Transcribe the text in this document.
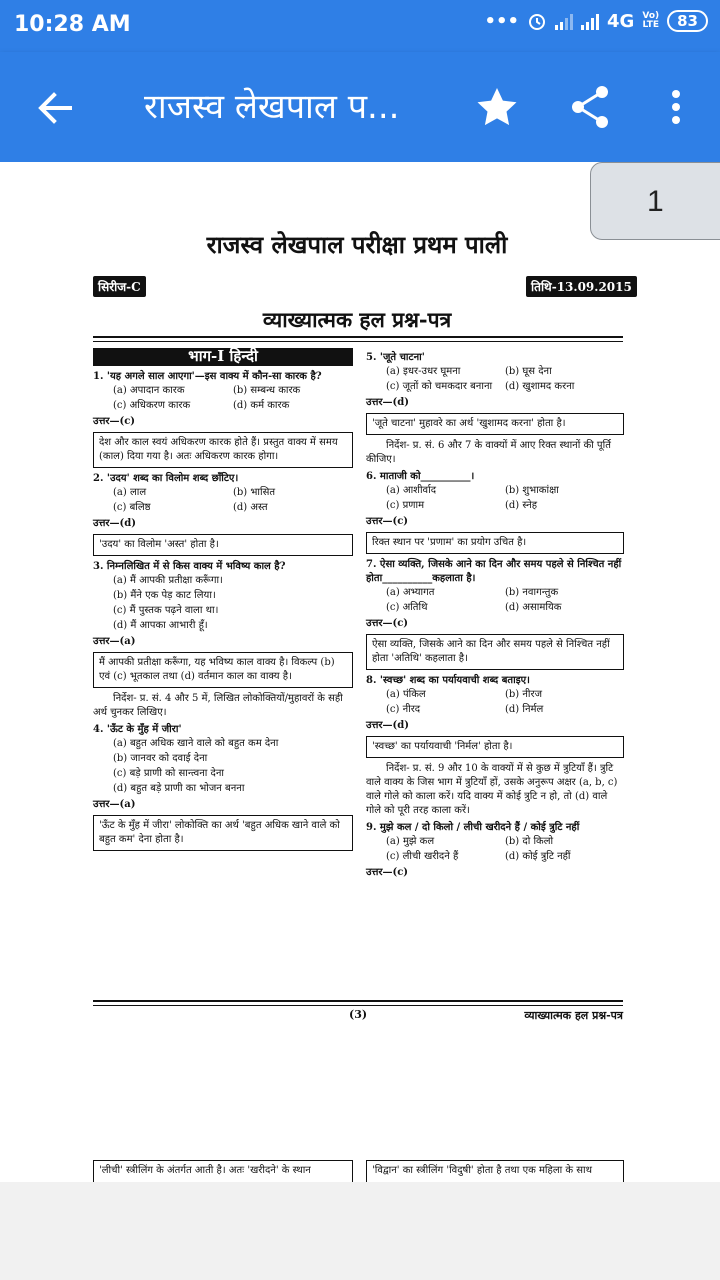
10:28 AM	•••	4G Vo)
LTE	83
राजस्व लेखपाल प...
राजस्व लेखपाल परीक्षा प्रथम पाली
सिरीज-C	तिथि-13.09.2015
व्याख्यात्मक हल प्रश्न-पत्र
भाग-I हिन्दी
1. 'यह अगले साल आएगा'—इस वाक्य में कौन-सा कारक है?
(a) अपादान कारक	(b) सम्बन्ध कारक
(c) अधिकरण कारक	(d) कर्म कारक
उत्तर—(c)
देश और काल स्वयं अधिकरण कारक होते हैं। प्रस्तुत वाक्य में समय (काल) दिया गया है। अतः अधिकरण कारक होगा।
2. 'उदय' शब्द का विलोम शब्द छाँटिए।
(a) लाल	(b) भासित
(c) बलिष्ठ	(d) अस्त
उत्तर—(d)
'उदय' का विलोम 'अस्त' होता है।
3. निम्नलिखित में से किस वाक्य में भविष्य काल है?
(a) मैं आपकी प्रतीक्षा करूँगा।
(b) मैंने एक पेड़ काट लिया।
(c) मैं पुस्तक पढ़ने वाला था।
(d) मैं आपका आभारी हूँ।
उत्तर—(a)
मैं आपकी प्रतीक्षा करूँगा, यह भविष्य काल वाक्य है। विकल्प (b) एवं (c) भूतकाल तथा (d) वर्तमान काल का वाक्य है।
निर्देश- प्र. सं. 4 और 5 में, लिखित लोकोक्तियों/मुहावरों के सही अर्थ चुनकर लिखिए।
4. 'ऊँट के मुँह में जीरा'
(a) बहुत अधिक खाने वाले को बहुत कम देना
(b) जानवर को दवाई देना
(c) बड़े प्राणी को सान्त्वना देना
(d) बहुत बड़े प्राणी का भोजन बनना
उत्तर—(a)
'ऊँट के मुँह में जीरा' लोकोक्ति का अर्थ 'बहुत अधिक खाने वाले को बहुत कम' देना होता है।
5. 'जूते चाटना'
(a) इधर-उधर घूमना	(b) घूस देना
(c) जूतों को चमकदार बनाना	(d) खुशामद करना
उत्तर—(d)
'जूते चाटना' मुहावरे का अर्थ 'खुशामद करना' होता है।
निर्देश- प्र. सं. 6 और 7 के वाक्यों में आए रिक्त स्थानों की पूर्ति कीजिए।
6. माताजी को__________।
(a) आशीर्वाद	(b) शुभाकांक्षा
(c) प्रणाम	(d) स्नेह
उत्तर—(c)
रिक्त स्थान पर 'प्रणाम' का प्रयोग उचित है।
7. ऐसा व्यक्ति, जिसके आने का दिन और समय पहले से निश्चित नहीं होता__________कहलाता है।
(a) अभ्यागत	(b) नवागन्तुक
(c) अतिथि	(d) असामयिक
उत्तर—(c)
ऐसा व्यक्ति, जिसके आने का दिन और समय पहले से निश्चित नहीं होता 'अतिथि' कहलाता है।
8. 'स्वच्छ' शब्द का पर्यायवाची शब्द बताइए।
(a) पंकिल	(b) नीरज
(c) नीरद	(d) निर्मल
उत्तर—(d)
'स्वच्छ' का पर्यायवाची 'निर्मल' होता है।
निर्देश- प्र. सं. 9 और 10 के वाक्यों में से कुछ में त्रुटियाँ हैं। त्रुटि वाले वाक्य के जिस भाग में त्रुटियाँ हों, उसके अनुरूप अक्षर (a, b, c) वाले गोले को काला करें। यदि वाक्य में कोई त्रुटि न हो, तो (d) वाले गोले को पूरी तरह काला करें।
9. मुझे कल / दो किलो / लीची खरीदने हैं / कोई त्रुटि नहीं
(a) मुझे कल	(b) दो किलो
(c) लीची खरीदने हैं	(d) कोई त्रुटि नहीं
उत्तर—(c)
(3)	व्याख्यात्मक हल प्रश्न-पत्र
'लीची' स्त्रीलिंग के अंतर्गत आती है। अतः 'खरीदने' के स्थान	'विद्वान' का स्त्रीलिंग 'विदुषी' होता है तथा एक महिला के साथ
1
